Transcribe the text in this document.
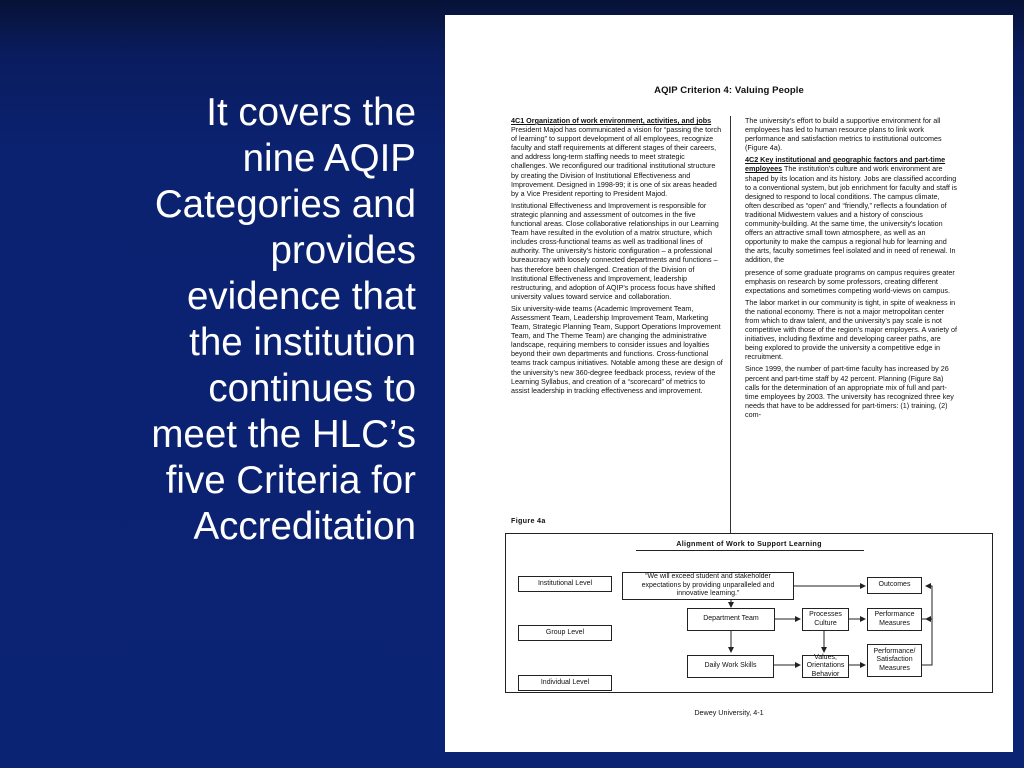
It covers the
nine AQIP
Categories and
provides
evidence that
the institution
continues to
meet the HLC’s
five Criteria for
Accreditation
AQIP Criterion 4: Valuing People

4C1 Organization of work environment, activities, and jobs President Majod has communicated a vision for “passing the torch of learning” to support development of all employees, recognize faculty and staff requirements at different stages of their careers, and address long-term staffing needs to meet strategic challenges. We reconfigured our traditional institutional structure by creating the Division of Institutional Effectiveness and Improvement. Designed in 1998-99; it is one of six areas headed by a Vice President reporting to President Majod.

Institutional Effectiveness and Improvement is responsible for strategic planning and assessment of outcomes in the five functional areas. Close collaborative relationships in our Learning Team have resulted in the evolution of a matrix structure, which includes cross-functional teams as well as traditional lines of authority. The university’s historic configuration – a professional bureaucracy with loosely connected departments and functions – has therefore been challenged. Creation of the Division of Institutional Effectiveness and Improvement, leadership restructuring, and adoption of AQIP’s process focus have shifted university values toward service and collaboration.

Six university-wide teams (Academic Improvement Team, Assessment Team, Leadership Improvement Team, Marketing Team, Strategic Planning Team, Support Operations Improvement Team, and The Theme Team) are changing the administrative landscape, requiring members to consider issues and loyalties beyond their own departments and functions. Cross-functional teams track campus initiatives. Notable among these are design of the university’s new 360-degree feedback process, review of the Learning Syllabus, and creation of a “scorecard” of metrics to assist leadership in tracking effectiveness and improvement.

Figure 4a

The university’s effort to build a supportive environment for all employees has led to human resource plans to link work performance and satisfaction metrics to institutional outcomes (Figure 4a).

4C2 Key institutional and geographic factors and part-time employees The institution’s culture and work environment are shaped by its location and its history. Jobs are classified according to a conventional system, but job enrichment for faculty and staff is designed to respond to local conditions. The campus climate, often described as “open” and “friendly,” reflects a foundation of traditional Midwestern values and a history of conscious community-building. At the same time, the university’s location offers an attractive small town atmosphere, as well as an opportunity to make the campus a regional hub for learning and the arts, faculty sometimes feel isolated and in need of renewal. In addition, the

presence of some graduate programs on campus requires greater emphasis on research by some professors, creating different expectations and sometimes competing world-views on campus.

The labor market in our community is tight, in spite of weakness in the national economy. There is not a major metropolitan center from which to draw talent, and the university’s pay scale is not competitive with those of the region’s major employers. A variety of initiatives, including flextime and developing career paths, are being explored to provide the university a competitive edge in recruitment.

Since 1999, the number of part-time faculty has increased by 26 percent and part-time staff by 42 percent. Planning (Figure 8a) calls for the determination of an appropriate mix of full and part-time employees by 2003. The university has recognized three key needs that have to be addressed for part-timers: (1) training, (2) com-

Alignment of Work to Support Learning
Institutional Level
Group Level
Individual Level
“We will exceed student and stakeholder expectations by providing unparalleled and innovative learning.”
Outcomes
Department Team
Processes Culture
Performance Measures
Daily Work Skills
Values, Orientations Behavior
Performance/ Satisfaction Measures
Dewey University, 4-1
